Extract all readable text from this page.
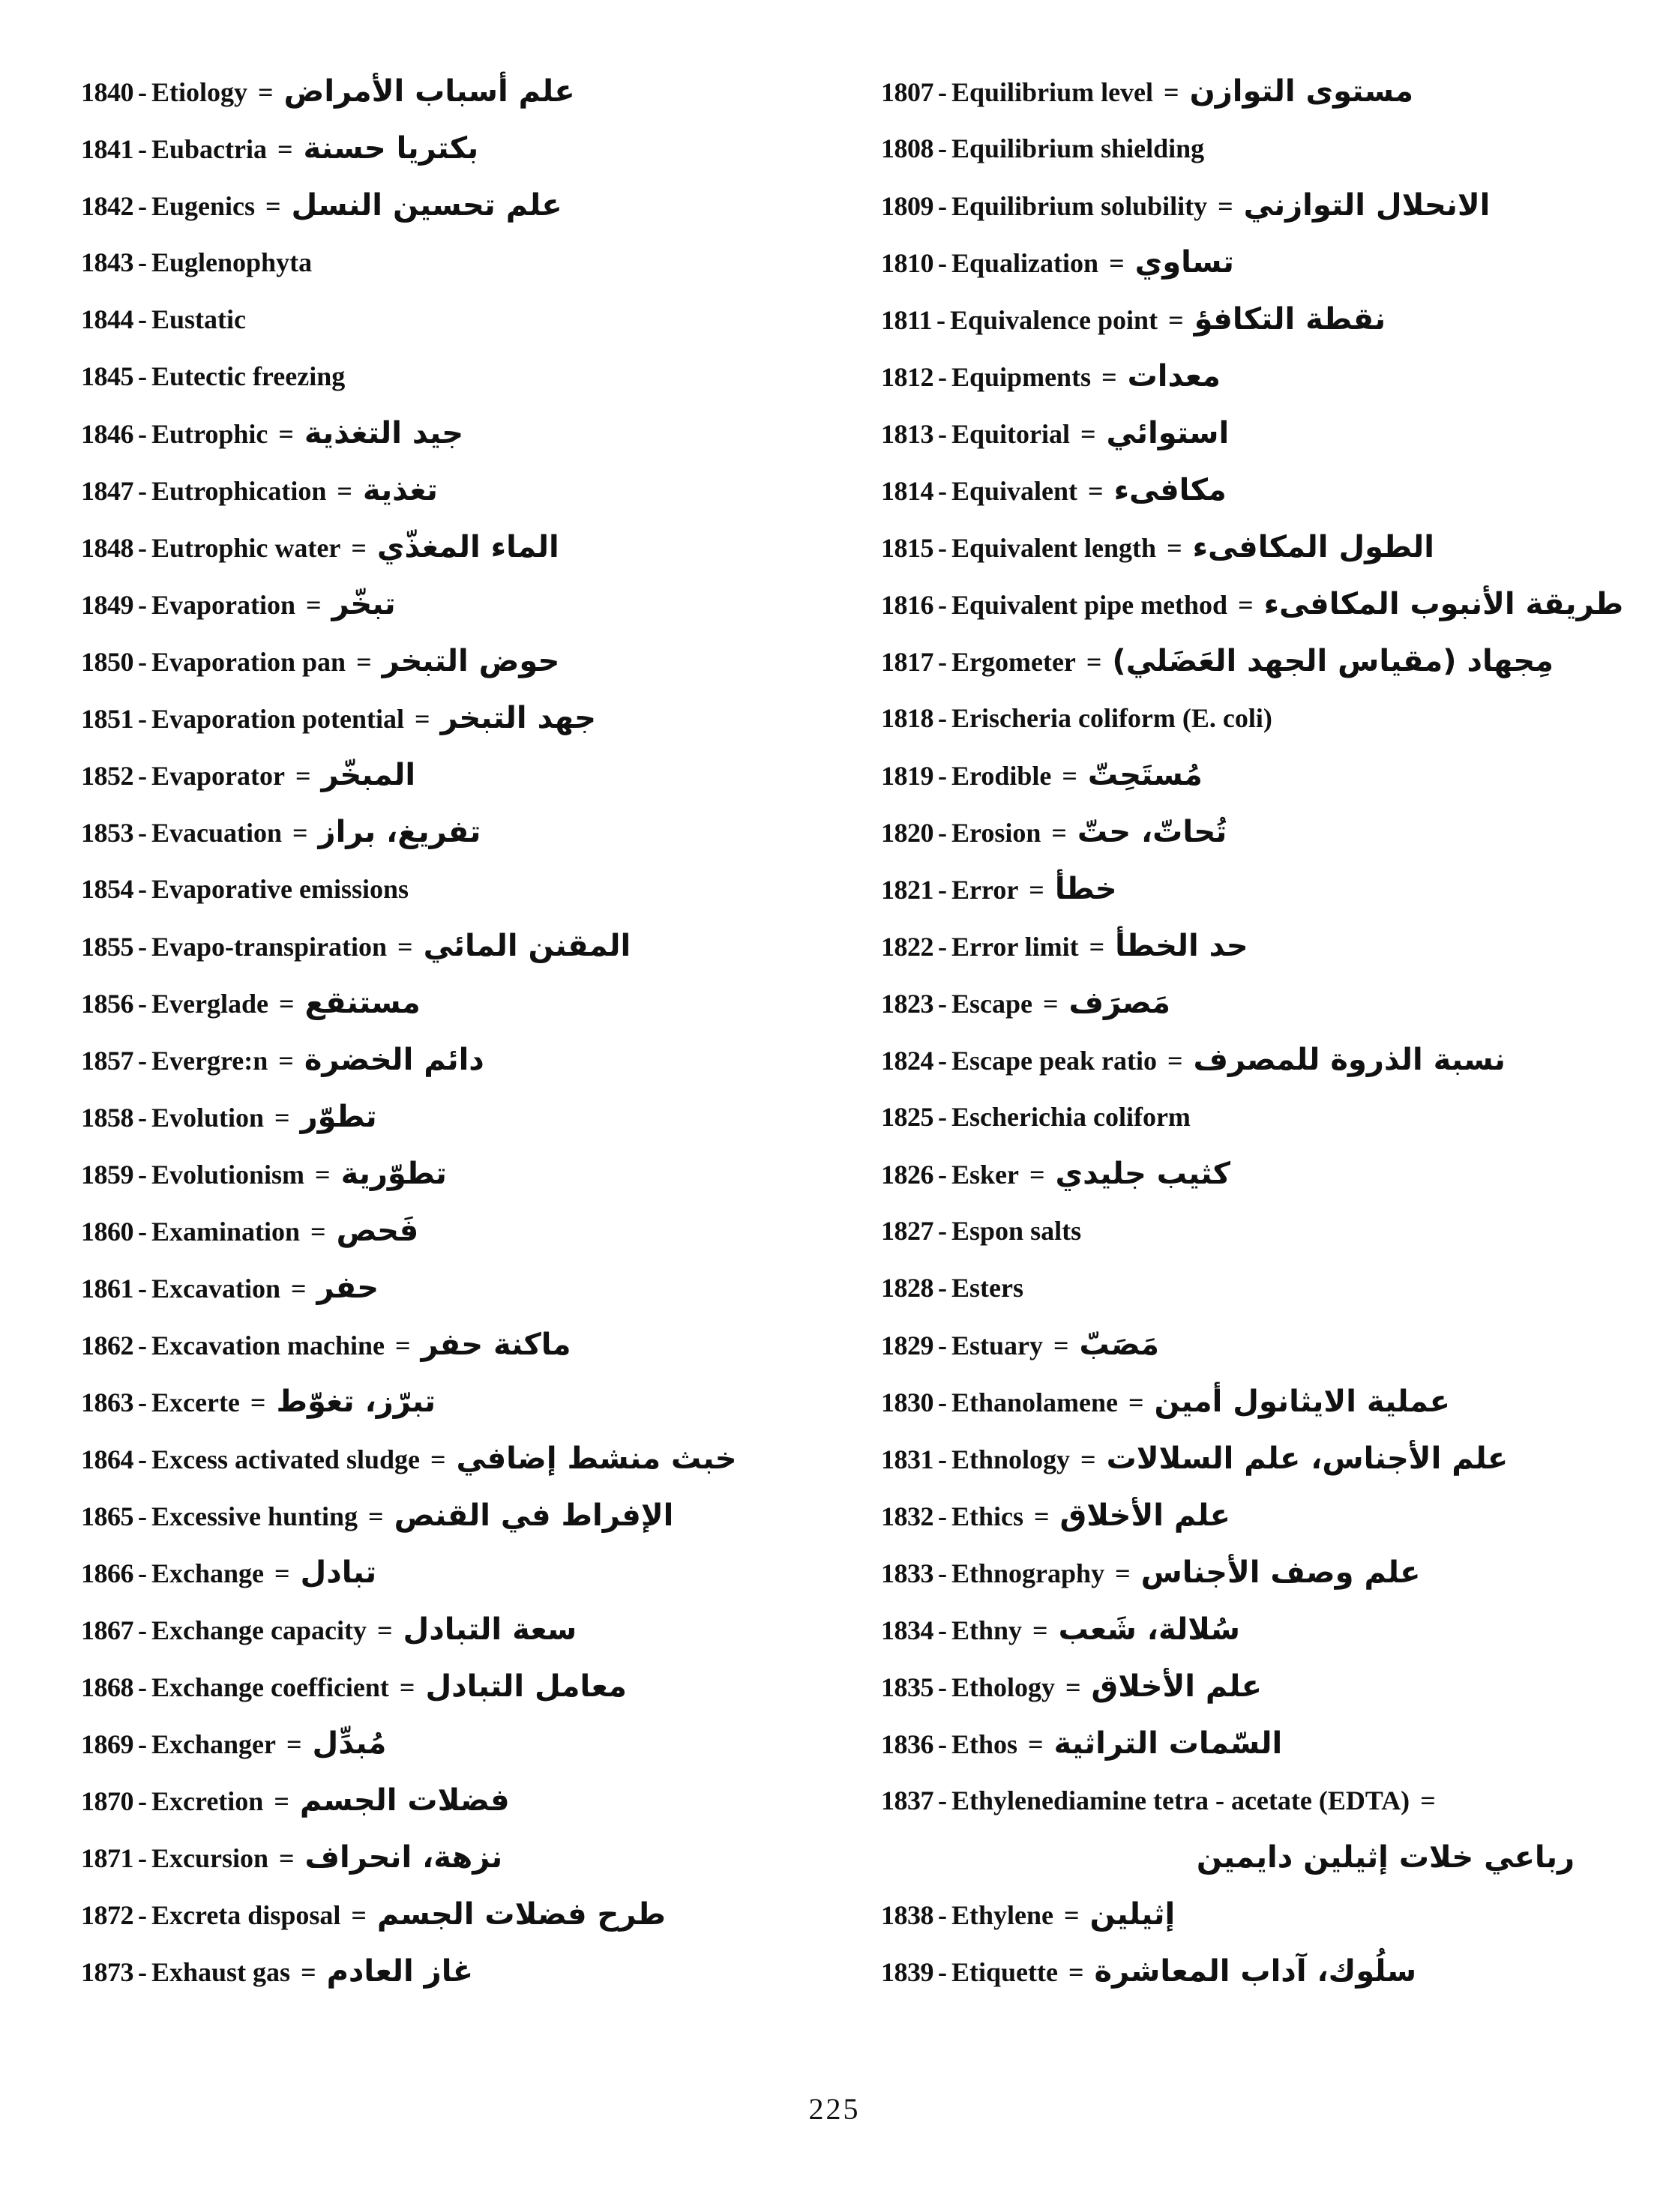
1840 - Etiology = علم أسباب الأمراض
1841 - Eubactria = بكتريا حسنة
1842 - Eugenics = علم تحسين النسل
1843 - Euglenophyta
1844 - Eustatic
1845 - Eutectic freezing
1846 - Eutrophic = جيد التغذية
1847 - Eutrophication = تغذية
1848 - Eutrophic water = الماء المغذّي
1849 - Evaporation = تبخّر
1850 - Evaporation pan = حوض التبخر
1851 - Evaporation potential = جهد التبخر
1852 - Evaporator = المبخّر
1853 - Evacuation = تفريغ، براز
1854 - Evaporative emissions
1855 - Evapo-transpiration = المقنن المائي
1856 - Everglade = مستنقع
1857 - Evergre:n = دائم الخضرة
1858 - Evolution = تطوّر
1859 - Evolutionism = تطوّرية
1860 - Examination = فَحص
1861 - Excavation = حفر
1862 - Excavation machine = ماكنة حفر
1863 - Excerte = تبرّز، تغوّط
1864 - Excess activated sludge = خبث منشط إضافي
1865 - Excessive hunting = الإفراط في القنص
1866 - Exchange = تبادل
1867 - Exchange capacity = سعة التبادل
1868 - Exchange coefficient = معامل التبادل
1869 - Exchanger = مُبدِّل
1870 - Excretion = فضلات الجسم
1871 - Excursion = نزهة، انحراف
1872 - Excreta disposal = طرح فضلات الجسم
1873 - Exhaust gas = غاز العادم
1807 - Equilibrium level = مستوى التوازن
1808 - Equilibrium shielding
1809 - Equilibrium solubility = الانحلال التوازني
1810 - Equalization = تساوي
1811 - Equivalence point = نقطة التكافؤ
1812 - Equipments = معدات
1813 - Equitorial = استوائي
1814 - Equivalent = مكافىء
1815 - Equivalent length = الطول المكافىء
1816 - Equivalent pipe method = طريقة الأنبوب المكافىء
1817 - Ergometer = مِجهاد (مقياس الجهد العَضَلي)
1818 - Erischeria coliform (E. coli)
1819 - Erodible = مُستَحِتّ
1820 - Erosion = تُحاتّ، حتّ
1821 - Error = خطأ
1822 - Error limit = حد الخطأ
1823 - Escape = مَصرَف
1824 - Escape peak ratio = نسبة الذروة للمصرف
1825 - Escherichia coliform
1826 - Esker = كثيب جليدي
1827 - Espon salts
1828 - Esters
1829 - Estuary = مَصَبّ
1830 - Ethanolamene = عملية الايثانول أمين
1831 - Ethnology = علم الأجناس، علم السلالات
1832 - Ethics = علم الأخلاق
1833 - Ethnography = علم وصف الأجناس
1834 - Ethny = سُلالة، شَعب
1835 - Ethology = علم الأخلاق
1836 - Ethos = السّمات التراثية
1837 - Ethylenediamine tetra - acetate (EDTA) =
رباعي خلات إثيلين دايمين
1838 - Ethylene = إثيلين
1839 - Etiquette = سلُوك، آداب المعاشرة
225
